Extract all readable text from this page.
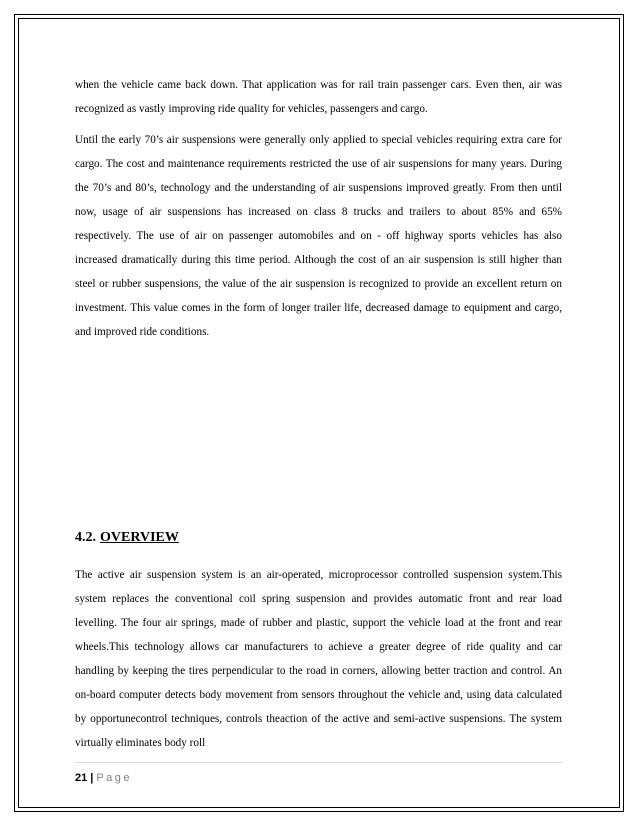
when the vehicle came back down. That application was for rail train passenger cars. Even then, air was recognized as vastly improving ride quality for vehicles, passengers and cargo.

Until the early 70’s air suspensions were generally only applied to special vehicles requiring extra care for cargo. The cost and maintenance requirements restricted the use of air suspensions for many years. During the 70’s and 80’s, technology and the understanding of air suspensions improved greatly. From then until now, usage of air suspensions has increased on class 8 trucks and trailers to about 85% and 65% respectively. The use of air on passenger automobiles and on - off highway sports vehicles has also increased dramatically during this time period. Although the cost of an air suspension is still higher than steel or rubber suspensions, the value of the air suspension is recognized to provide an excellent return on investment. This value comes in the form of longer trailer life, decreased damage to equipment and cargo, and improved ride conditions.

4.2. OVERVIEW

The active air suspension system is an air-operated, microprocessor controlled suspension system.This system replaces the conventional coil spring suspension and provides automatic front and rear load levelling. The four air springs, made of rubber and plastic, support the vehicle load at the front and rear wheels.This technology allows car manufacturers to achieve a greater degree of ride quality and car handling by keeping the tires perpendicular to the road in corners, allowing better traction and control. An on-board computer detects body movement from sensors throughout the vehicle and, using data calculated by opportunecontrol techniques, controls theaction of the active and semi-active suspensions. The system virtually eliminates body roll

21 | Page
